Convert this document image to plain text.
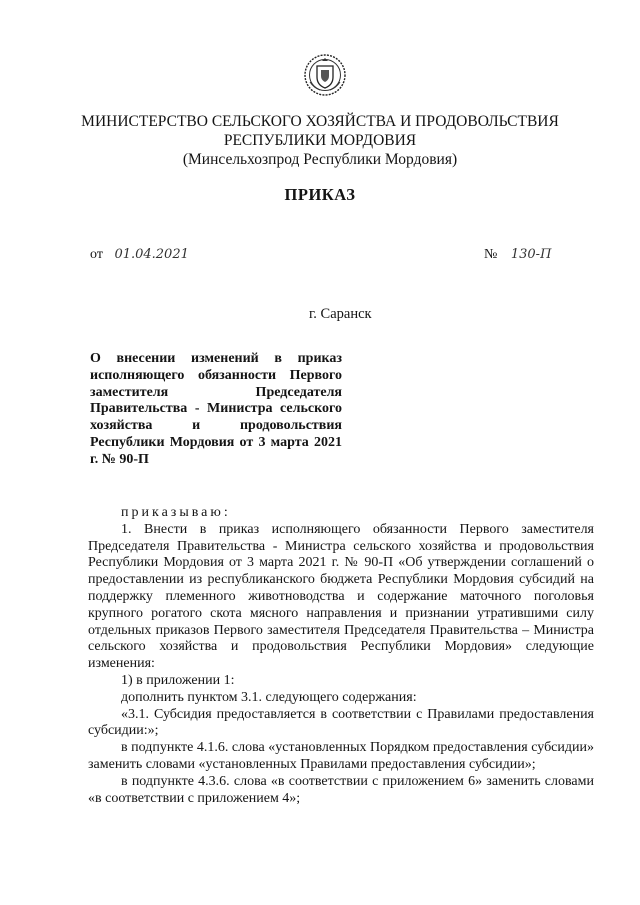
МИНИСТЕРСТВО СЕЛЬСКОГО ХОЗЯЙСТВА И ПРОДОВОЛЬСТВИЯ
РЕСПУБЛИКИ МОРДОВИЯ
(Минсельхозпрод Республики Мордовия)
ПРИКАЗ
от 01.04.2021	№ 130-П
г. Саранск
О внесении изменений в приказ исполняющего обязанности Первого заместителя Председателя Правительства - Министра сельского хозяйства и продовольствия Республики Мордовия от 3 марта 2021 г. № 90-П

приказываю:

1. Внести в приказ исполняющего обязанности Первого заместителя Председателя Правительства - Министра сельского хозяйства и продовольствия Республики Мордовия от 3 марта 2021 г. № 90-П «Об утверждении соглашений о предоставлении из республиканского бюджета Республики Мордовия субсидий на поддержку племенного животноводства и содержание маточного поголовья крупного рогатого скота мясного направления и признании утратившими силу отдельных приказов Первого заместителя Председателя Правительства – Министра сельского хозяйства и продовольствия Республики Мордовия» следующие изменения:

1) в приложении 1:

дополнить пунктом 3.1. следующего содержания:

«3.1. Субсидия предоставляется в соответствии с Правилами предоставления субсидии:»;

в подпункте 4.1.6. слова «установленных Порядком предоставления субсидии» заменить словами «установленных Правилами предоставления субсидии»;

в подпункте 4.3.6. слова «в соответствии с приложением 6» заменить словами «в соответствии с приложением 4»;
